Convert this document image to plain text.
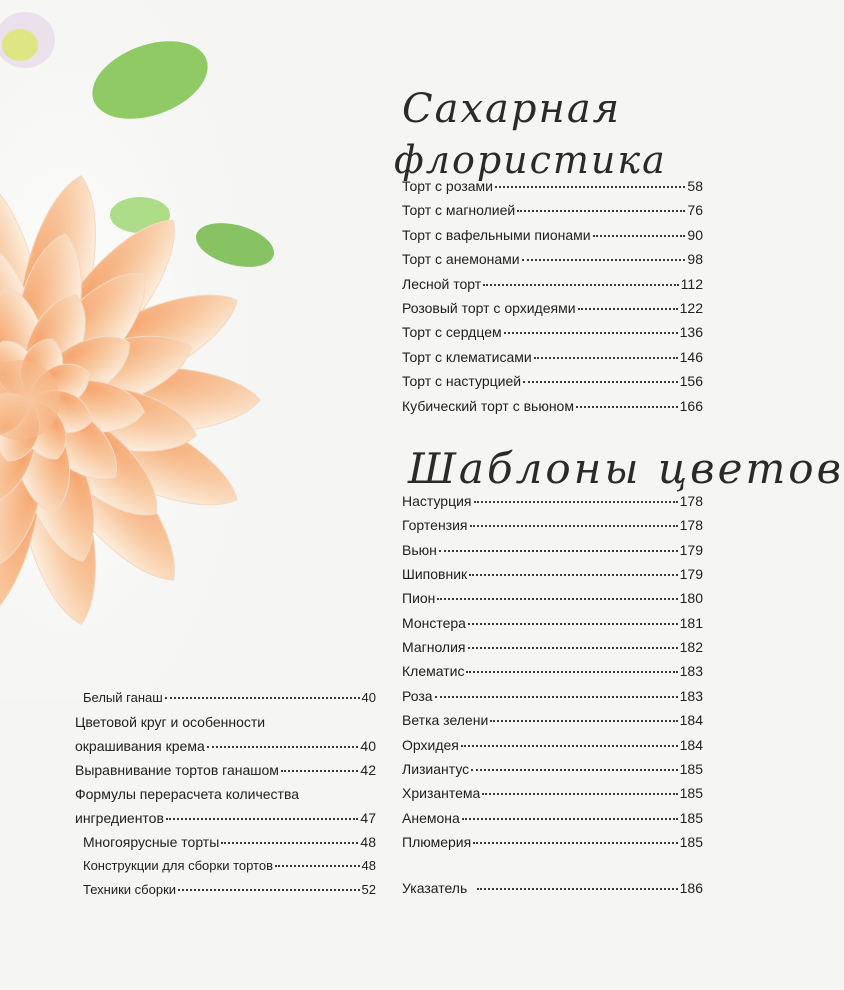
Сахарная
флористика
Шаблоны цветов
Торт с розами	58
Торт с магнолией	76
Торт с вафельными пионами	90
Торт с анемонами	98
Лесной торт	112
Розовый торт с орхидеями	122
Торт с сердцем	136
Торт с клематисами	146
Торт с настурцией	156
Кубический торт с вьюном	166
Настурция	178
Гортензия	178
Вьюн	179
Шиповник	179
Пион	180
Монстера	181
Магнолия	182
Клематис	183
Роза	183
Ветка зелени	184
Орхидея	184
Лизиантус	185
Хризантема	185
Анемона	185
Плюмерия	185
Указатель	186
Белый ганаш	40
Цветовой круг и особенности
окрашивания крема	40
Выравнивание тортов ганашом	42
Формулы перерасчета количества
ингредиентов	47
Многоярусные торты	48
Конструкции для сборки тортов	48
Техники сборки	52
